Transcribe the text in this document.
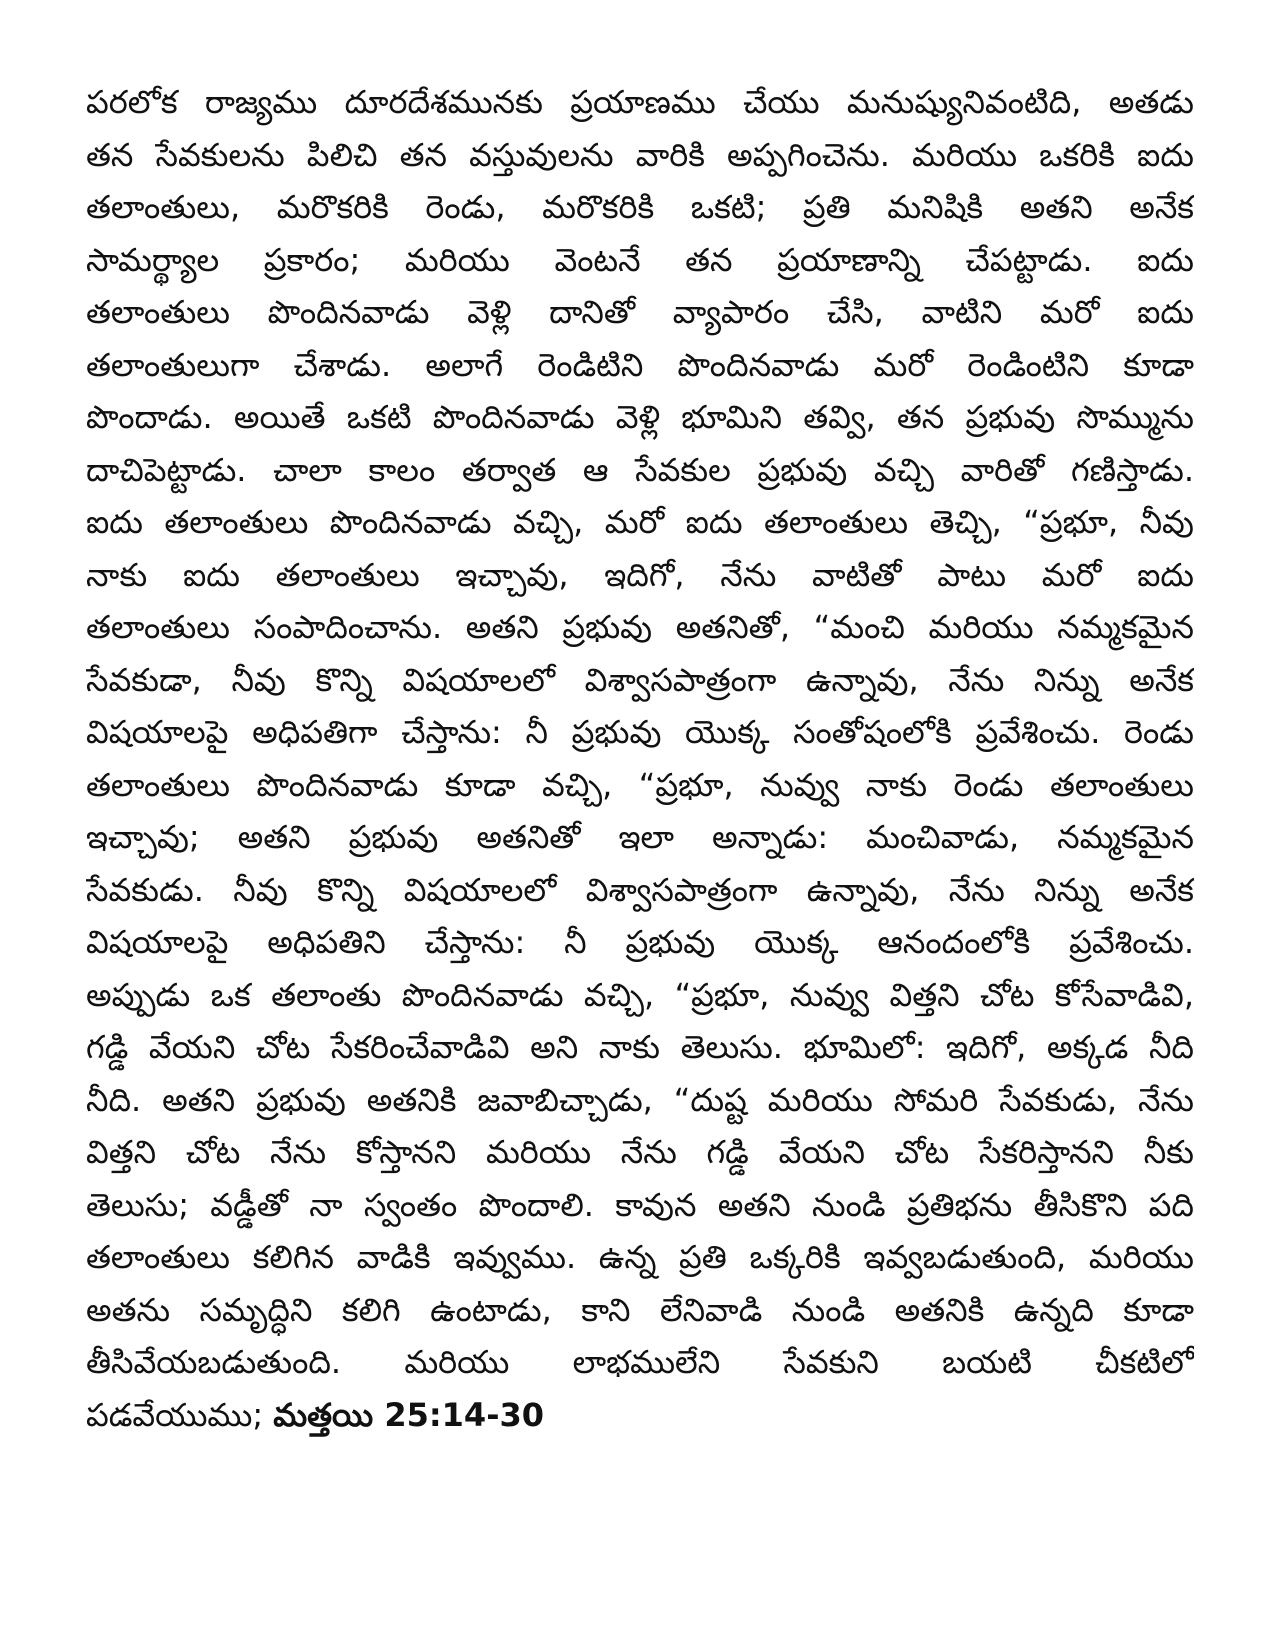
పరలోక రాజ్యము దూరదేశమునకు ప్రయాణము చేయు మనుష్యునివంటిది, అతడు
తన సేవకులను పిలిచి తన వస్తువులను వారికి అప్పగించెను. మరియు ఒకరికి ఐదు
తలాంతులు, మరొకరికి రెండు, మరొకరికి ఒకటి; ప్రతి మనిషికి అతని అనేక
సామర్థ్యాల ప్రకారం; మరియు వెంటనే తన ప్రయాణాన్ని చేపట్టాడు. ఐదు
తలాంతులు పొందినవాడు వెళ్లి దానితో వ్యాపారం చేసి, వాటిని మరో ఐదు
తలాంతులుగా చేశాడు. అలాగే రెండిటిని పొందినవాడు మరో రెండింటిని కూడా
పొందాడు. అయితే ఒకటి పొందినవాడు వెళ్లి భూమిని తవ్వి, తన ప్రభువు సొమ్మును
దాచిపెట్టాడు. చాలా కాలం తర్వాత ఆ సేవకుల ప్రభువు వచ్చి వారితో గణిస్తాడు.
ఐదు తలాంతులు పొందినవాడు వచ్చి, మరో ఐదు తలాంతులు తెచ్చి, “ప్రభూ, నీవు
నాకు ఐదు తలాంతులు ఇచ్చావు, ఇదిగో, నేను వాటితో పాటు మరో ఐదు
తలాంతులు సంపాదించాను. అతని ప్రభువు అతనితో, “మంచి మరియు నమ్మకమైన
సేవకుడా, నీవు కొన్ని విషయాలలో విశ్వాసపాత్రంగా ఉన్నావు, నేను నిన్ను అనేక
విషయాలపై అధిపతిగా చేస్తాను: నీ ప్రభువు యొక్క సంతోషంలోకి ప్రవేశించు. రెండు
తలాంతులు పొందినవాడు కూడా వచ్చి, “ప్రభూ, నువ్వు నాకు రెండు తలాంతులు
ఇచ్చావు; అతని ప్రభువు అతనితో ఇలా అన్నాడు: మంచివాడు, నమ్మకమైన
సేవకుడు. నీవు కొన్ని విషయాలలో విశ్వాసపాత్రంగా ఉన్నావు, నేను నిన్ను అనేక
విషయాలపై అధిపతిని చేస్తాను: నీ ప్రభువు యొక్క ఆనందంలోకి ప్రవేశించు.
అప్పుడు ఒక తలాంతు పొందినవాడు వచ్చి, “ప్రభూ, నువ్వు విత్తని చోట కోసేవాడివి,
గడ్డి వేయని చోట సేకరించేవాడివి అని నాకు తెలుసు. భూమిలో: ఇదిగో, అక్కడ నీది
నీది. అతని ప్రభువు అతనికి జవాబిచ్చాడు, “దుష్ట మరియు సోమరి సేవకుడు, నేను
విత్తని చోట నేను కోస్తానని మరియు నేను గడ్డి వేయని చోట సేకరిస్తానని నీకు
తెలుసు; వడ్డీతో నా స్వంతం పొందాలి. కావున అతని నుండి ప్రతిభను తీసికొని పది
తలాంతులు కలిగిన వాడికి ఇవ్వుము. ఉన్న ప్రతి ఒక్కరికి ఇవ్వబడుతుంది, మరియు
అతను సమృద్ధిని కలిగి ఉంటాడు, కాని లేనివాడి నుండి అతనికి ఉన్నది కూడా
తీసివేయబడుతుంది. మరియు లాభములేని సేవకుని బయటి చీకటిలో
పడవేయుము; మత్తయి 25:14-30
